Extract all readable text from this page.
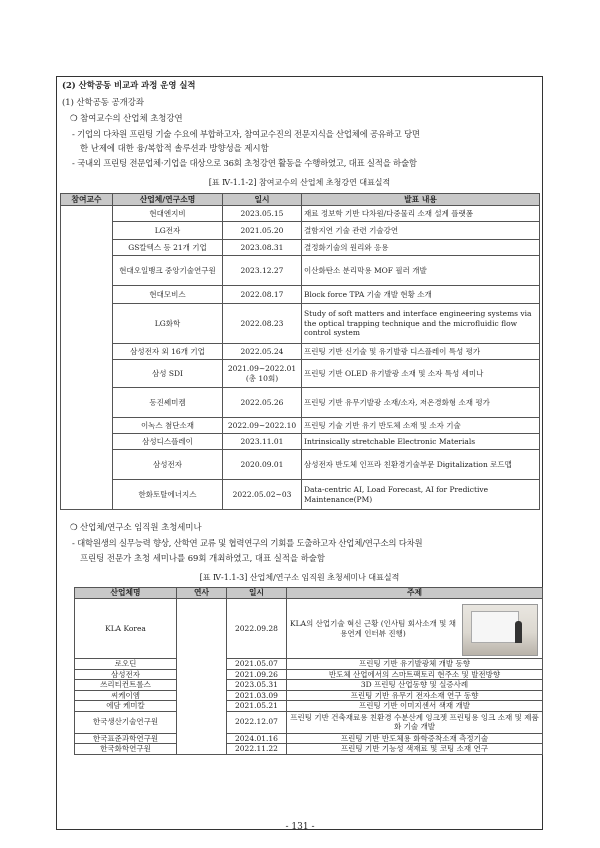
(2) 산학공동 비교과 과정 운영 실적
(1) 산학공동 공개강좌
❍ 참여교수의 산업체 초청강연
- 기업의 다차원 프린팅 기술 수요에 부합하고자, 참여교수진의 전문지식을 산업체에 공유하고 당면
한 난제에 대한 융/복합적 솔루션과 방향성을 제시함
- 국내외 프린팅 전문업체·기업을 대상으로 36회 초청강연 활동을 수행하였고, 대표 실적을 하술함
[표 Ⅳ-1.1-2] 참여교수의 산업체 초청강연 대표실적
참여교수	산업체/연구소명	일시	발표 내용
	현대엔지비	2023.05.15	재료 정보학 기반 다차원/다중물리 소재 설계 플랫폼
	LG전자	2021.05.20	결함지연 기술 관련 기술강연
	GS칼텍스 등 21개 기업	2023.08.31	결정화기술의 원리와 응용
	현대오일뱅크 중앙기술연구원	2023.12.27	이산화탄소 분리막용 MOF 필러 개발
	현대모비스	2022.08.17	Block force TPA 기술 개발 현황 소개
	LG화학	2022.08.23	Study of soft matters and interface engineering systems via the optical trapping technique and the microfluidic flow control system
	삼성전자 외 16개 기업	2022.05.24	프린팅 기반 신기술 및 유기발광 디스플레이 특성 평가
	삼성 SDI	2021.09~2022.01 (총 10회)	프린팅 기반 OLED 유기발광 소재 및 소자 특성 세미나
	동진쎄미켐	2022.05.26	프린팅 기반 유무기발광 소재/소자, 저온경화형 소재 평가
	이녹스 첨단소재	2022.09~2022.10	프린팅 기술 기반 유기 반도체 소재 및 소자 기술
	삼성디스플레이	2023.11.01	Intrinsically stretchable Electronic Materials
	삼성전자	2020.09.01	삼성전자 반도체 인프라 친환경기술부문 Digitalization 로드맵
	한화토탈에너지스	2022.05.02~03	Data-centric AI, Load Forecast, AI for Predictive Maintenance(PM)
❍ 산업체/연구소 임직원 초청세미나
- 대학원생의 실무능력 향상, 산학연 교류 및 협력연구의 기회를 도출하고자 산업체/연구소의 다차원
프린팅 전문가 초청 세미나를 69회 개최하였고, 대표 실적을 하술함
[표 Ⅳ-1.1-3] 산업체/연구소 임직원 초청세미나 대표실적
산업체명	연사	일시	주제
KLA Korea		2022.09.28	KLA의 산업기술 혁신 근황 (인사팀 회사소개 및 채용연계 인터뷰 진행)

로오딘		2021.05.07	프린팅 기반 유기발광체 개발 동향
삼성전자		2021.09.26	반도체 산업에서의 스마트팩토리 현주소 및 발전방향
쓰리티컨트롤스		2023.05.31	3D 프린팅 산업동향 및 실증사례
씨케이엠		2021.03.09	프린팅 기반 유무기 전자소재 연구 동향
에담 케미칼		2021.05.21	프린팅 기반 이미지센서 색재 개발
한국생산기술연구원		2022.12.07	프린팅 기반 건축재료용 친환경 수분산계 잉크젯 프린팅용 잉크 소재 및 제품화 기술 개발
한국표준과학연구원		2024.01.16	프린팅 기반 반도체용 화학증착소재 측정기술
한국화학연구원		2022.11.22	프린팅 기반 기능성 색재료 및 코팅 소재 연구
- 131 -
